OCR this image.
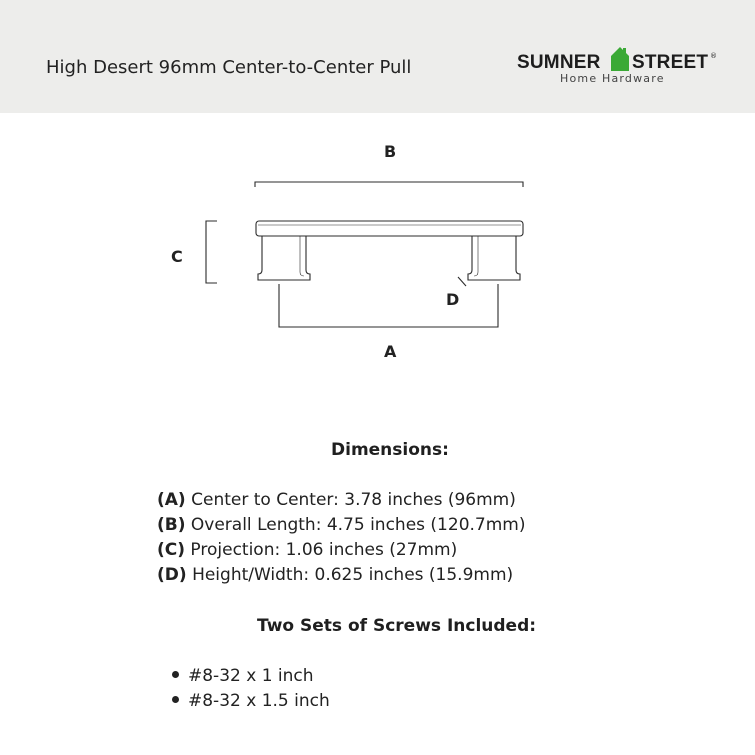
High Desert 96mm Center-to-Center Pull	SUMNER STREET ®
Home Hardware
B
C
D
A
Dimensions:
(A) Center to Center: 3.78 inches (96mm)
(B) Overall Length: 4.75 inches (120.7mm)
(C) Projection: 1.06 inches (27mm)
(D) Height/Width: 0.625 inches (15.9mm)
Two Sets of Screws Included:
#8-32 x 1 inch
#8-32 x 1.5 inch
